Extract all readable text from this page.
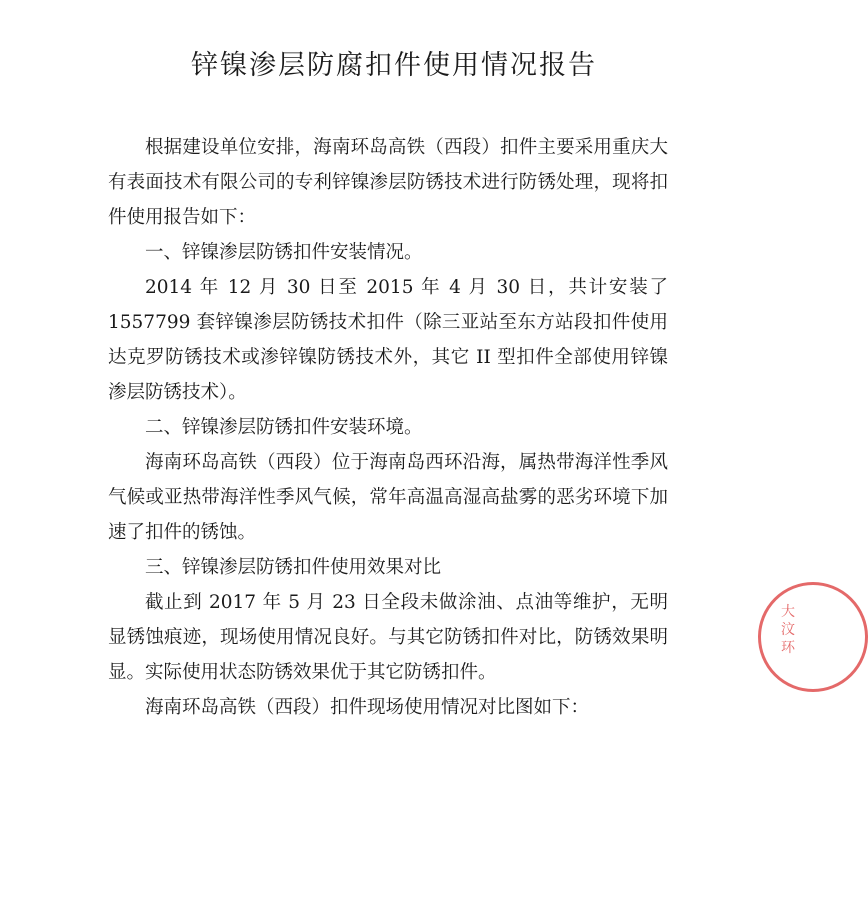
锌镍渗层防腐扣件使用情况报告

根据建设单位安排，海南环岛高铁（西段）扣件主要采用重庆大有表面技术有限公司的专利锌镍渗层防锈技术进行防锈处理，现将扣件使用报告如下：

一、锌镍渗层防锈扣件安装情况。

2014 年 12 月 30 日至 2015 年 4 月 30 日，共计安装了 1557799 套锌镍渗层防锈技术扣件（除三亚站至东方站段扣件使用达克罗防锈技术或渗锌镍防锈技术外，其它 II 型扣件全部使用锌镍渗层防锈技术）。

二、锌镍渗层防锈扣件安装环境。

海南环岛高铁（西段）位于海南岛西环沿海，属热带海洋性季风气候或亚热带海洋性季风气候，常年高温高湿高盐雾的恶劣环境下加速了扣件的锈蚀。

三、锌镍渗层防锈扣件使用效果对比

截止到 2017 年 5 月 23 日全段未做涂油、点油等维护，无明显锈蚀痕迹，现场使用情况良好。与其它防锈扣件对比，防锈效果明显。实际使用状态防锈效果优于其它防锈扣件。

海南环岛高铁（西段）扣件现场使用情况对比图如下：

大 汶 环
